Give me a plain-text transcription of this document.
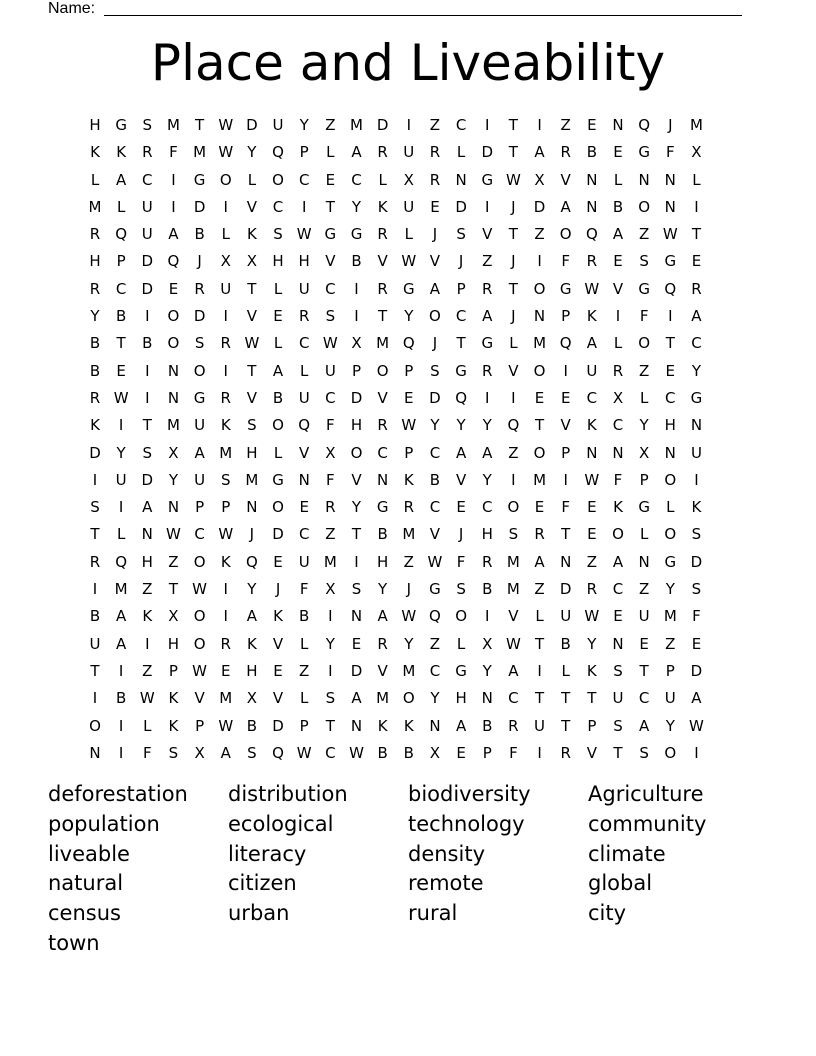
Name:
Place and Liveability
H G	S M	T W D U	Y	Z M D	I	Z	C	I	T	I	Z	E	N Q	J	M
K	K	R	F	M W Y	Q	P	L	A	R	U	R	L	D	T	A	R	B	E	G	F	X
L	A	C	I	G O	L	O C	E	C	L	X	R	N G W X	V	N	L	N N	L
M	L	U	I	D	I	V	C	I	T	Y	K	U	E	D	I	J	D	A	N	B	O N	I
R	Q U	A	B	L	K	S W G G	R	L	J	S	V	T	Z	O Q	A	Z W T
H	P	D Q	J	X	X	H H	V	B	V W V	J	Z	J	I	F	R	E	S	G	E
R	C	D	E	R	U	T	L	U	C	I	R	G	A	P	R	T	O G W V	G Q	R
Y	B	I	O D	I	V	E	R	S	I	T	Y	O	C	A	J	N	P	K	I	F	I	A
B	T	B	O	S	R W L	C W X M Q	J	T	G	L	M Q	A	L	O	T	C
B	E	I	N O	I	T	A	L	U	P	O	P	S	G	R	V	O	I	U	R	Z	E	Y
R W	I	N G	R	V	B	U	C	D	V	E	D Q	I	I	E	E	C	X	L	C	G
K	I	T	M U	K	S	O Q	F	H	R W Y	Y	Y	Q	T	V	K	C	Y	H N
D	Y	S	X	A M H	L	V	X	O C	P	C	A	A	Z	O	P	N N	X	N	U
I	U D	Y	U	S M G N	F	V	N	K	B	V	Y	I	M	I	W F	P	O	I
S	I	A	N	P	P	N O	E	R	Y	G	R	C	E	C	O	E	F	E	K	G	L	K
T	L	N W C W	J	D	C	Z	T	B M V	J	H	S	R	T	E	O	L	O	S
R	Q H	Z	O	K	Q	E	U M	I	H	Z W F	R M A	N	Z	A	N G D
I	M Z	T W	I	Y	J	F	X	S	Y	J	G	S	B M Z	D	R	C	Z	Y	S
B	A	K	X	O	I	A	K	B	I	N	A W Q O	I	V	L	U W E	U M	F
U	A	I	H O	R	K	V	L	Y	E	R	Y	Z	L	X W T	B	Y	N	E	Z	E
T	I	Z	P W E	H	E	Z	I	D	V M C	G	Y	A	I	L	K	S	T	P	D
I	B W K	V M X	V	L	S	A M O	Y	H N	C	T	T	T	U	C	U	A
O	I	L	K	P W B	D	P	T	N	K	K	N	A	B	R	U	T	P	S	A	Y W
N	I	F	S	X	A	S	Q W C W B	B	X	E	P	F	I	R	V	T	S	O	I
deforestation
population
liveable
natural
census
town
distribution
ecological
literacy
citizen
urban
biodiversity
technology
density
remote
rural
Agriculture
community
climate
global
city
